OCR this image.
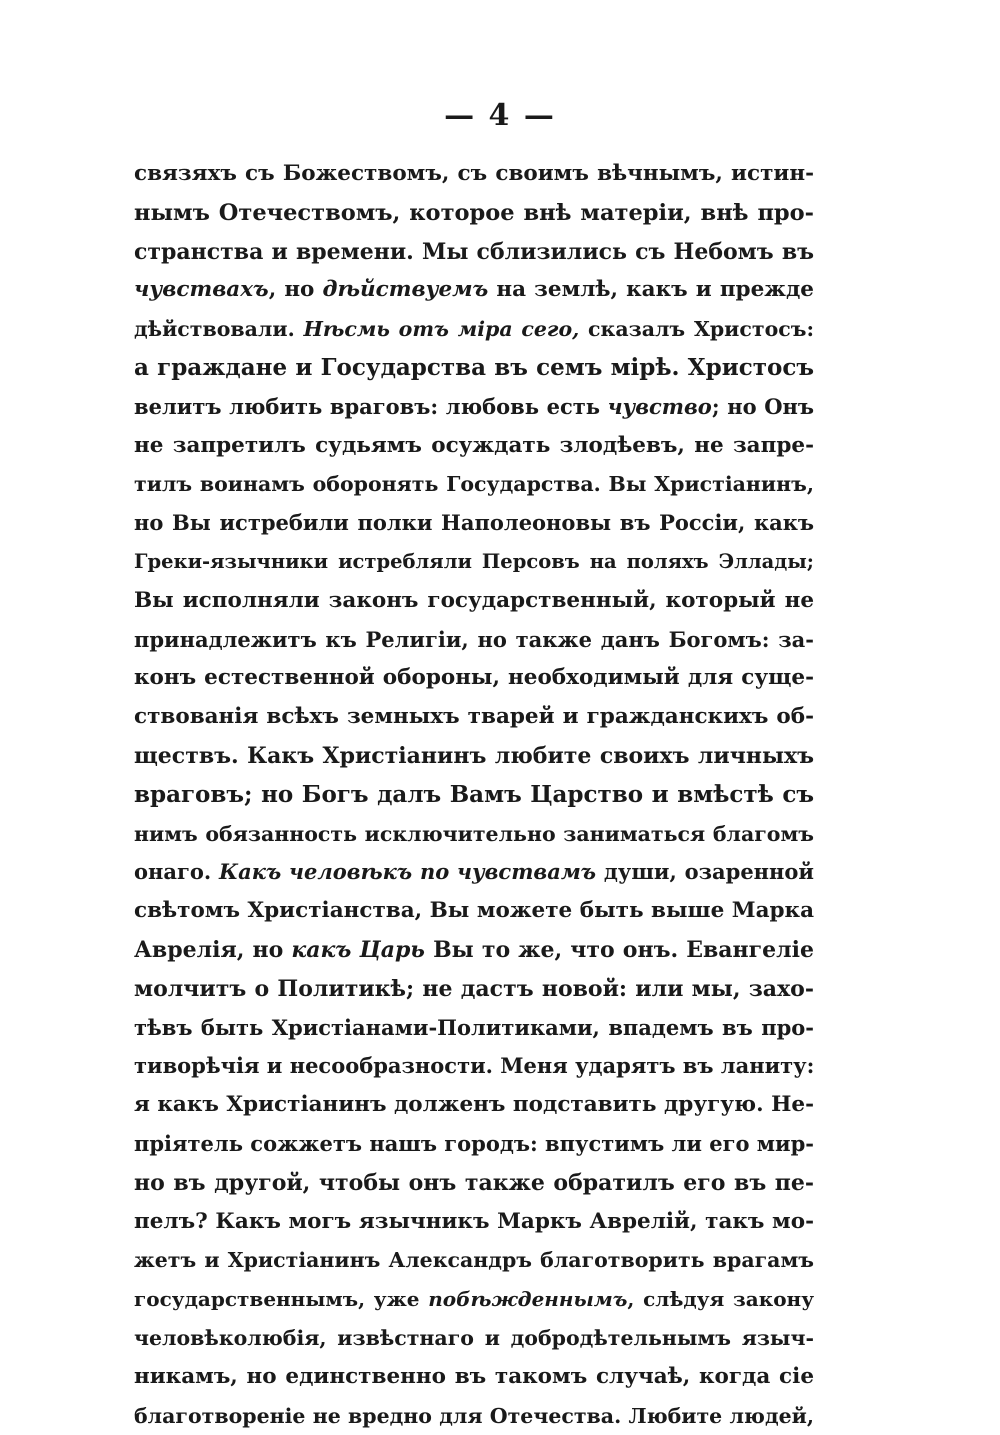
— 4 —
связяхъ съ Божествомъ, съ своимъ вѣчнымъ, истин-
нымъ Отечествомъ, которое внѣ матеріи, внѣ про-
странства и времени. Мы сблизились съ Небомъ въ
чувствахъ, но дѣйствуемъ на землѣ, какъ и прежде
дѣйствовали. Нѣсмь отъ міра сего, сказалъ Христосъ:
а граждане и Государства въ семъ мірѣ. Христосъ
велитъ любить враговъ: любовь есть чувство; но Онъ
не запретилъ судьямъ осуждать злодѣевъ, не запре-
тилъ воинамъ оборонять Государства. Вы Христіанинъ,
но Вы истребили полки Наполеоновы въ Россіи, какъ
Греки-язычники истребляли Персовъ на поляхъ Эллады;
Вы исполняли законъ государственный, который не
принадлежитъ къ Религіи, но также данъ Богомъ: за-
конъ естественной обороны, необходимый для суще-
ствованія всѣхъ земныхъ тварей и гражданскихъ об-
ществъ. Какъ Христіанинъ любите своихъ личныхъ
враговъ; но Богъ далъ Вамъ Царство и вмѣстѣ съ
нимъ обязанность исключительно заниматься благомъ
онаго. Какъ человѣкъ по чувствамъ души, озаренной
свѣтомъ Христіанства, Вы можете быть выше Марка
Аврелія, но какъ Царь Вы то же, что онъ. Евангеліе
молчитъ о Политикѣ; не дастъ новой: или мы, захо-
тѣвъ быть Христіанами-Политиками, впадемъ въ про-
тиворѣчія и несообразности. Меня ударятъ въ ланиту:
я какъ Христіанинъ долженъ подставить другую. Не-
пріятель сожжетъ нашъ городъ: впустимъ ли его мир-
но въ другой, чтобы онъ также обратилъ его въ пе-
пелъ? Какъ могъ язычникъ Маркъ Аврелій, такъ мо-
жетъ и Христіанинъ Александръ благотворить врагамъ
государственнымъ, уже побѣжденнымъ, слѣдуя закону
человѣколюбія, извѣстнаго и добродѣтельнымъ языч-
никамъ, но единственно въ такомъ случаѣ, когда сіе
благотвореніе не вредно для Отечества. Любите людей,
